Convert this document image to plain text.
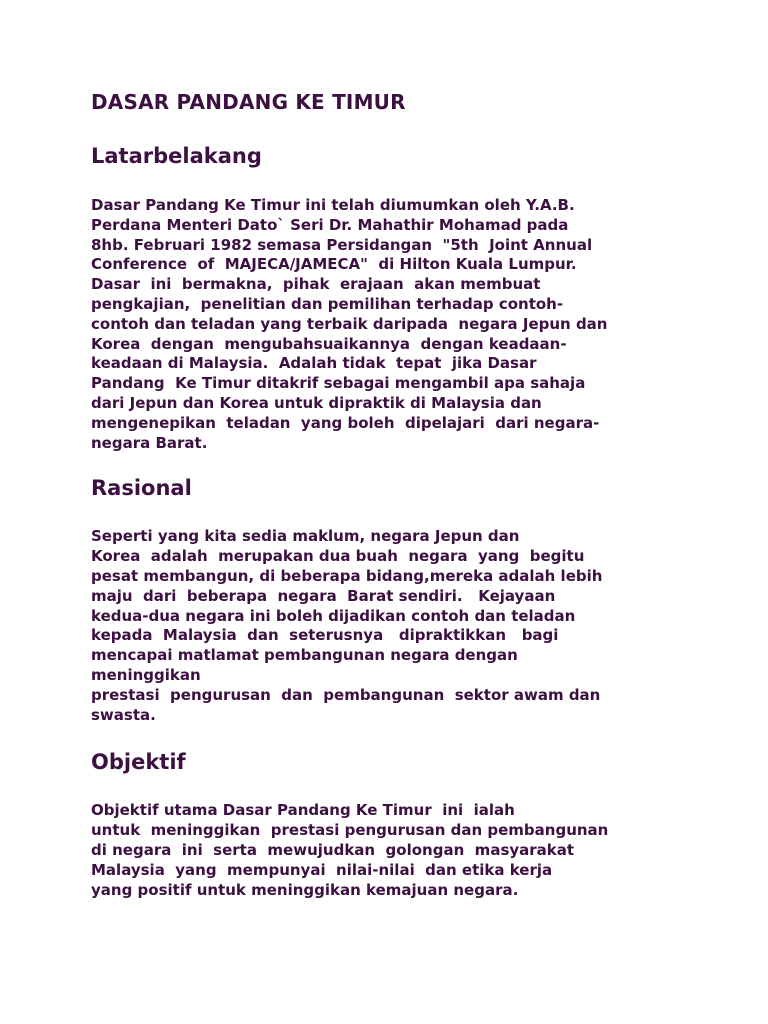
DASAR PANDANG KE TIMUR
Latarbelakang
Dasar Pandang Ke Timur ini telah diumumkan oleh Y.A.B.
Perdana Menteri Dato` Seri Dr. Mahathir Mohamad pada
8hb. Februari 1982 semasa Persidangan  "5th  Joint Annual
Conference  of  MAJECA/JAMECA"  di Hilton Kuala Lumpur.
Dasar  ini  bermakna,  pihak  erajaan  akan membuat
pengkajian,  penelitian dan pemilihan terhadap contoh-
contoh dan teladan yang terbaik daripada  negara Jepun dan
Korea  dengan  mengubahsuaikannya  dengan keadaan-
keadaan di Malaysia.  Adalah tidak  tepat  jika Dasar
Pandang  Ke Timur ditakrif sebagai mengambil apa sahaja
dari Jepun dan Korea untuk dipraktik di Malaysia dan
mengenepikan  teladan  yang boleh  dipelajari  dari negara-
negara Barat.
Rasional
Seperti yang kita sedia maklum, negara Jepun dan
Korea  adalah  merupakan dua buah  negara  yang  begitu
pesat membangun, di beberapa bidang,mereka adalah lebih
maju  dari  beberapa  negara  Barat sendiri.   Kejayaan
kedua-dua negara ini boleh dijadikan contoh dan teladan
kepada  Malaysia  dan  seterusnya   dipraktikkan   bagi
mencapai matlamat pembangunan negara dengan
meninggikan
prestasi  pengurusan  dan  pembangunan  sektor awam dan
swasta.
Objektif
Objektif utama Dasar Pandang Ke Timur  ini  ialah
untuk  meninggikan  prestasi pengurusan dan pembangunan
di negara  ini  serta  mewujudkan  golongan  masyarakat
Malaysia  yang  mempunyai  nilai-nilai  dan etika kerja
yang positif untuk meninggikan kemajuan negara.
